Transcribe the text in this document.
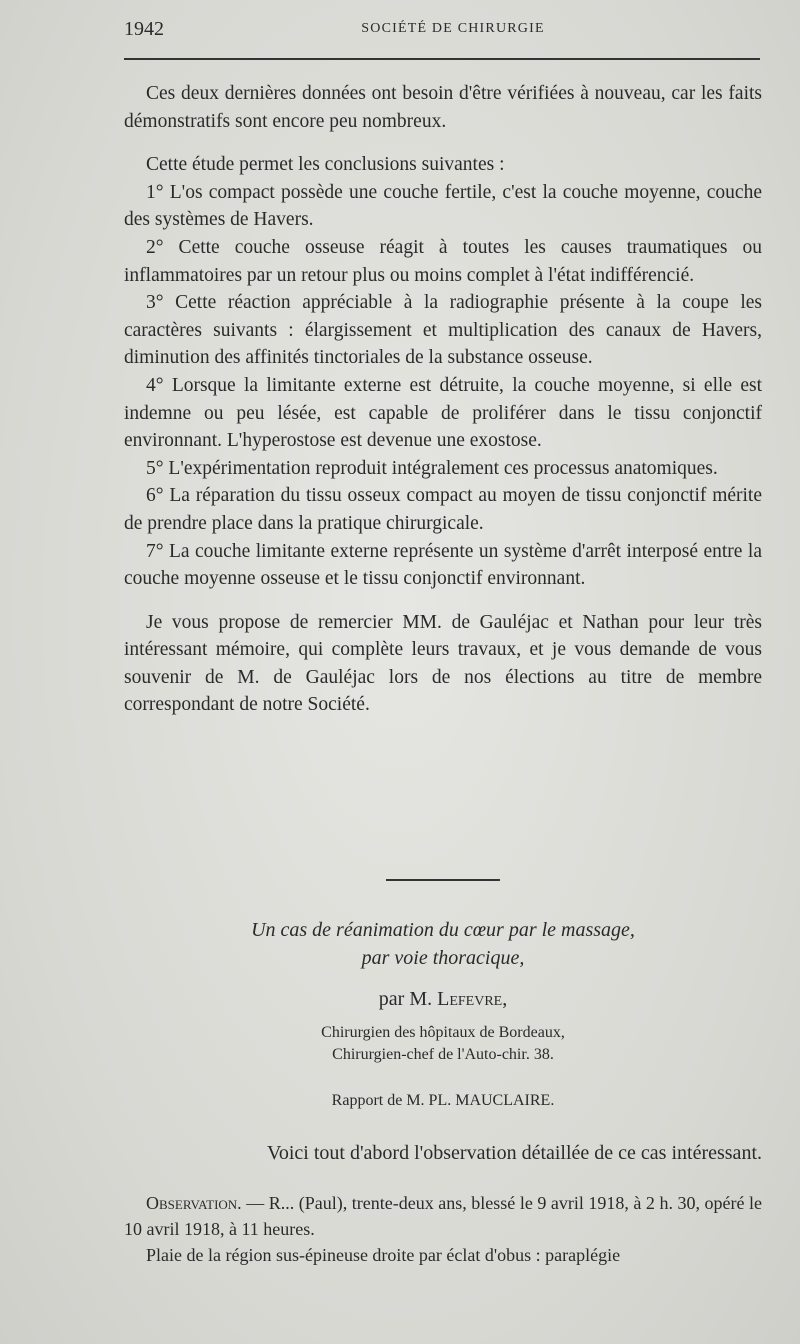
1942	SOCIÉTÉ DE CHIRURGIE

Ces deux dernières données ont besoin d'être vérifiées à nouveau, car les faits démonstratifs sont encore peu nombreux.

Cette étude permet les conclusions suivantes :

1° L'os compact possède une couche fertile, c'est la couche moyenne, couche des systèmes de Havers.

2° Cette couche osseuse réagit à toutes les causes traumatiques ou inflammatoires par un retour plus ou moins complet à l'état indifférencié.

3° Cette réaction appréciable à la radiographie présente à la coupe les caractères suivants : élargissement et multiplication des canaux de Havers, diminution des affinités tinctoriales de la substance osseuse.

4° Lorsque la limitante externe est détruite, la couche moyenne, si elle est indemne ou peu lésée, est capable de proliférer dans le tissu conjonctif environnant. L'hyperostose est devenue une exostose.

5° L'expérimentation reproduit intégralement ces processus anatomiques.

6° La réparation du tissu osseux compact au moyen de tissu conjonctif mérite de prendre place dans la pratique chirurgicale.

7° La couche limitante externe représente un système d'arrêt interposé entre la couche moyenne osseuse et le tissu conjonctif environnant.

Je vous propose de remercier MM. de Gauléjac et Nathan pour leur très intéressant mémoire, qui complète leurs travaux, et je vous demande de vous souvenir de M. de Gauléjac lors de nos élections au titre de membre correspondant de notre Société.

Un cas de réanimation du cœur par le massage,
par voie thoracique,
par M. Lefevre,
Chirurgien des hôpitaux de Bordeaux,
Chirurgien-chef de l'Auto-chir. 38.
Rapport de M. PL. MAUCLAIRE.
Voici tout d'abord l'observation détaillée de ce cas intéressant.

Observation. — R... (Paul), trente-deux ans, blessé le 9 avril 1918, à 2 h. 30, opéré le 10 avril 1918, à 11 heures.

Plaie de la région sus-épineuse droite par éclat d'obus : paraplégie
